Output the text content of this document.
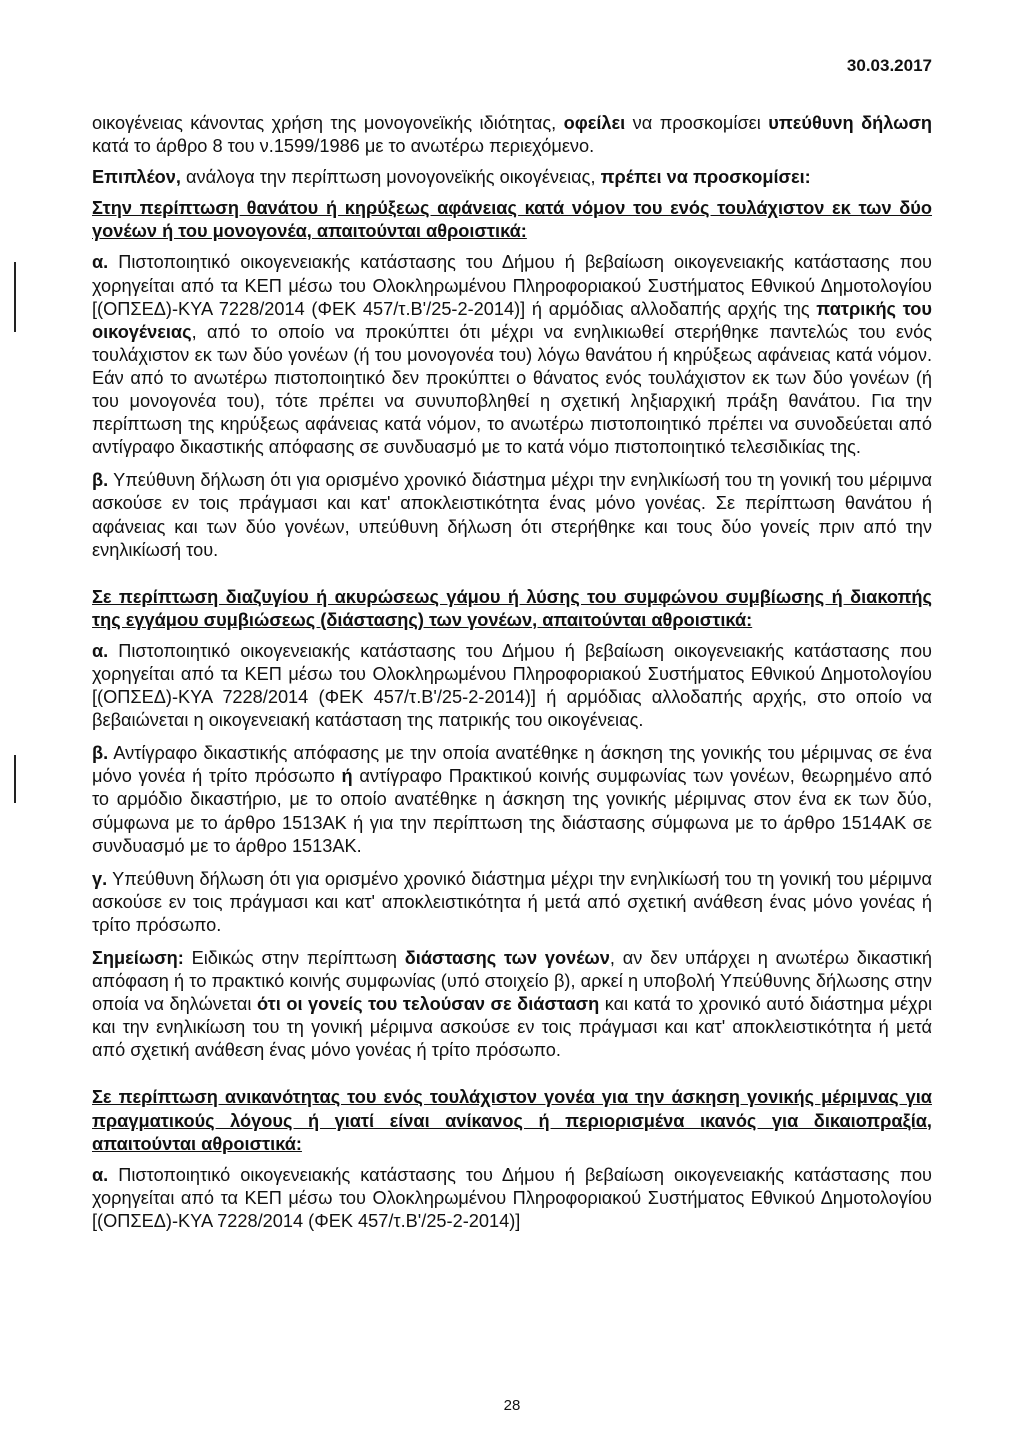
30.03.2017

οικογένειας κάνοντας χρήση της μονογονεϊκής ιδιότητας, οφείλει να προσκομίσει υπεύθυνη δήλωση κατά το άρθρο 8 του ν.1599/1986 με το ανωτέρω περιεχόμενο.

Επιπλέον, ανάλογα την περίπτωση μονογονεϊκής οικογένειας, πρέπει να προσκομίσει:

Στην περίπτωση θανάτου ή κηρύξεως αφάνειας κατά νόμον του ενός τουλάχιστον εκ των δύο γονέων ή του μονογονέα, απαιτούνται αθροιστικά:

α. Πιστοποιητικό οικογενειακής κατάστασης του Δήμου ή βεβαίωση οικογενειακής κατάστασης που χορηγείται από τα ΚΕΠ μέσω του Ολοκληρωμένου Πληροφοριακού Συστήματος Εθνικού Δημοτολογίου [(ΟΠΣΕΔ)-ΚΥΑ 7228/2014 (ΦΕΚ 457/τ.Β'/25-2-2014)] ή αρμόδιας αλλοδαπής αρχής της πατρικής του οικογένειας, από το οποίο να προκύπτει ότι μέχρι να ενηλικιωθεί στερήθηκε παντελώς του ενός τουλάχιστον εκ των δύο γονέων (ή του μονογονέα του) λόγω θανάτου ή κηρύξεως αφάνειας κατά νόμον. Εάν από το ανωτέρω πιστοποιητικό δεν προκύπτει ο θάνατος ενός τουλάχιστον εκ των δύο γονέων (ή του μονογονέα του), τότε πρέπει να συνυποβληθεί η σχετική ληξιαρχική πράξη θανάτου. Για την περίπτωση της κηρύξεως αφάνειας κατά νόμον, το ανωτέρω πιστοποιητικό πρέπει να συνοδεύεται από αντίγραφο δικαστικής απόφασης σε συνδυασμό με το κατά νόμο πιστοποιητικό τελεσιδικίας της.

β. Υπεύθυνη δήλωση ότι για ορισμένο χρονικό διάστημα μέχρι την ενηλικίωσή του τη γονική του μέριμνα ασκούσε εν τοις πράγμασι και κατ' αποκλειστικότητα ένας μόνο γονέας. Σε περίπτωση θανάτου ή αφάνειας και των δύο γονέων, υπεύθυνη δήλωση ότι στερήθηκε και τους δύο γονείς πριν από την ενηλικίωσή του.

Σε περίπτωση διαζυγίου ή ακυρώσεως γάμου ή λύσης του συμφώνου συμβίωσης ή διακοπής της εγγάμου συμβιώσεως (διάστασης) των γονέων, απαιτούνται αθροιστικά:

α. Πιστοποιητικό οικογενειακής κατάστασης του Δήμου ή βεβαίωση οικογενειακής κατάστασης που χορηγείται από τα ΚΕΠ μέσω του Ολοκληρωμένου Πληροφοριακού Συστήματος Εθνικού Δημοτολογίου [(ΟΠΣΕΔ)-ΚΥΑ 7228/2014 (ΦΕΚ 457/τ.Β'/25-2-2014)] ή αρμόδιας αλλοδαπής αρχής, στο οποίο να βεβαιώνεται η οικογενειακή κατάσταση της πατρικής του οικογένειας.

β. Αντίγραφο δικαστικής απόφασης με την οποία ανατέθηκε η άσκηση της γονικής του μέριμνας σε ένα μόνο γονέα ή τρίτο πρόσωπο ή αντίγραφο Πρακτικού κοινής συμφωνίας των γονέων, θεωρημένο από το αρμόδιο δικαστήριο, με το οποίο ανατέθηκε η άσκηση της γονικής μέριμνας στον ένα εκ των δύο, σύμφωνα με το άρθρο 1513ΑΚ ή για την περίπτωση της διάστασης σύμφωνα με το άρθρο 1514ΑΚ σε συνδυασμό με το άρθρο 1513ΑΚ.

γ. Υπεύθυνη δήλωση ότι για ορισμένο χρονικό διάστημα μέχρι την ενηλικίωσή του τη γονική του μέριμνα ασκούσε εν τοις πράγμασι και κατ' αποκλειστικότητα ή μετά από σχετική ανάθεση ένας μόνο γονέας ή τρίτο πρόσωπο.

Σημείωση: Ειδικώς στην περίπτωση διάστασης των γονέων, αν δεν υπάρχει η ανωτέρω δικαστική απόφαση ή το πρακτικό κοινής συμφωνίας (υπό στοιχείο β), αρκεί η υποβολή Υπεύθυνης δήλωσης στην οποία να δηλώνεται ότι οι γονείς του τελούσαν σε διάσταση και κατά το χρονικό αυτό διάστημα μέχρι και την ενηλικίωση του τη γονική μέριμνα ασκούσε εν τοις πράγμασι και κατ' αποκλειστικότητα ή μετά από σχετική ανάθεση ένας μόνο γονέας ή τρίτο πρόσωπο.

Σε περίπτωση ανικανότητας του ενός τουλάχιστον γονέα για την άσκηση γονικής μέριμνας για πραγματικούς λόγους ή γιατί είναι ανίκανος ή περιορισμένα ικανός για δικαιοπραξία, απαιτούνται αθροιστικά:

α. Πιστοποιητικό οικογενειακής κατάστασης του Δήμου ή βεβαίωση οικογενειακής κατάστασης που χορηγείται από τα ΚΕΠ μέσω του Ολοκληρωμένου Πληροφοριακού Συστήματος Εθνικού Δημοτολογίου [(ΟΠΣΕΔ)-ΚΥΑ 7228/2014 (ΦΕΚ 457/τ.Β'/25-2-2014)]

28
